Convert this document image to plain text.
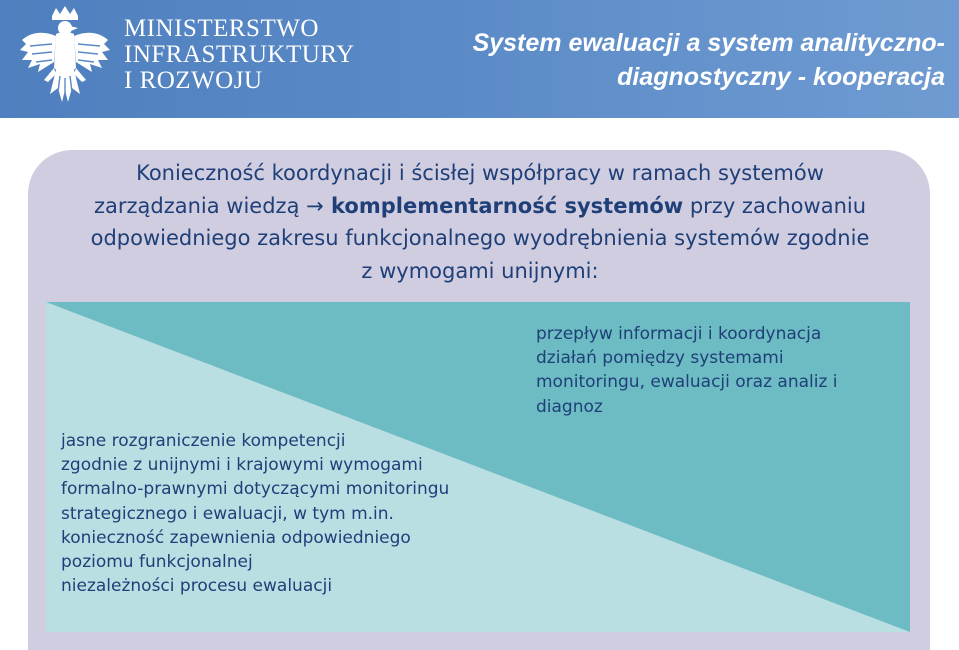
MINISTERSTWO
INFRASTRUKTURY
I ROZWOJU
System ewaluacji a system analityczno-
diagnostyczny - kooperacja
Konieczność koordynacji i ścisłej współpracy w ramach systemów
zarządzania wiedzą → komplementarność systemów przy zachowaniu
odpowiedniego zakresu funkcjonalnego wyodrębnienia systemów zgodnie
z wymogami unijnymi:
jasne rozgraniczenie kompetencji
zgodnie z unijnymi i krajowymi wymogami
formalno-prawnymi dotyczącymi monitoringu
strategicznego i ewaluacji, w tym m.in.
konieczność zapewnienia odpowiedniego
poziomu funkcjonalnej
niezależności procesu ewaluacji
przepływ informacji i koordynacja
działań pomiędzy systemami
monitoringu, ewaluacji oraz analiz i
diagnoz
